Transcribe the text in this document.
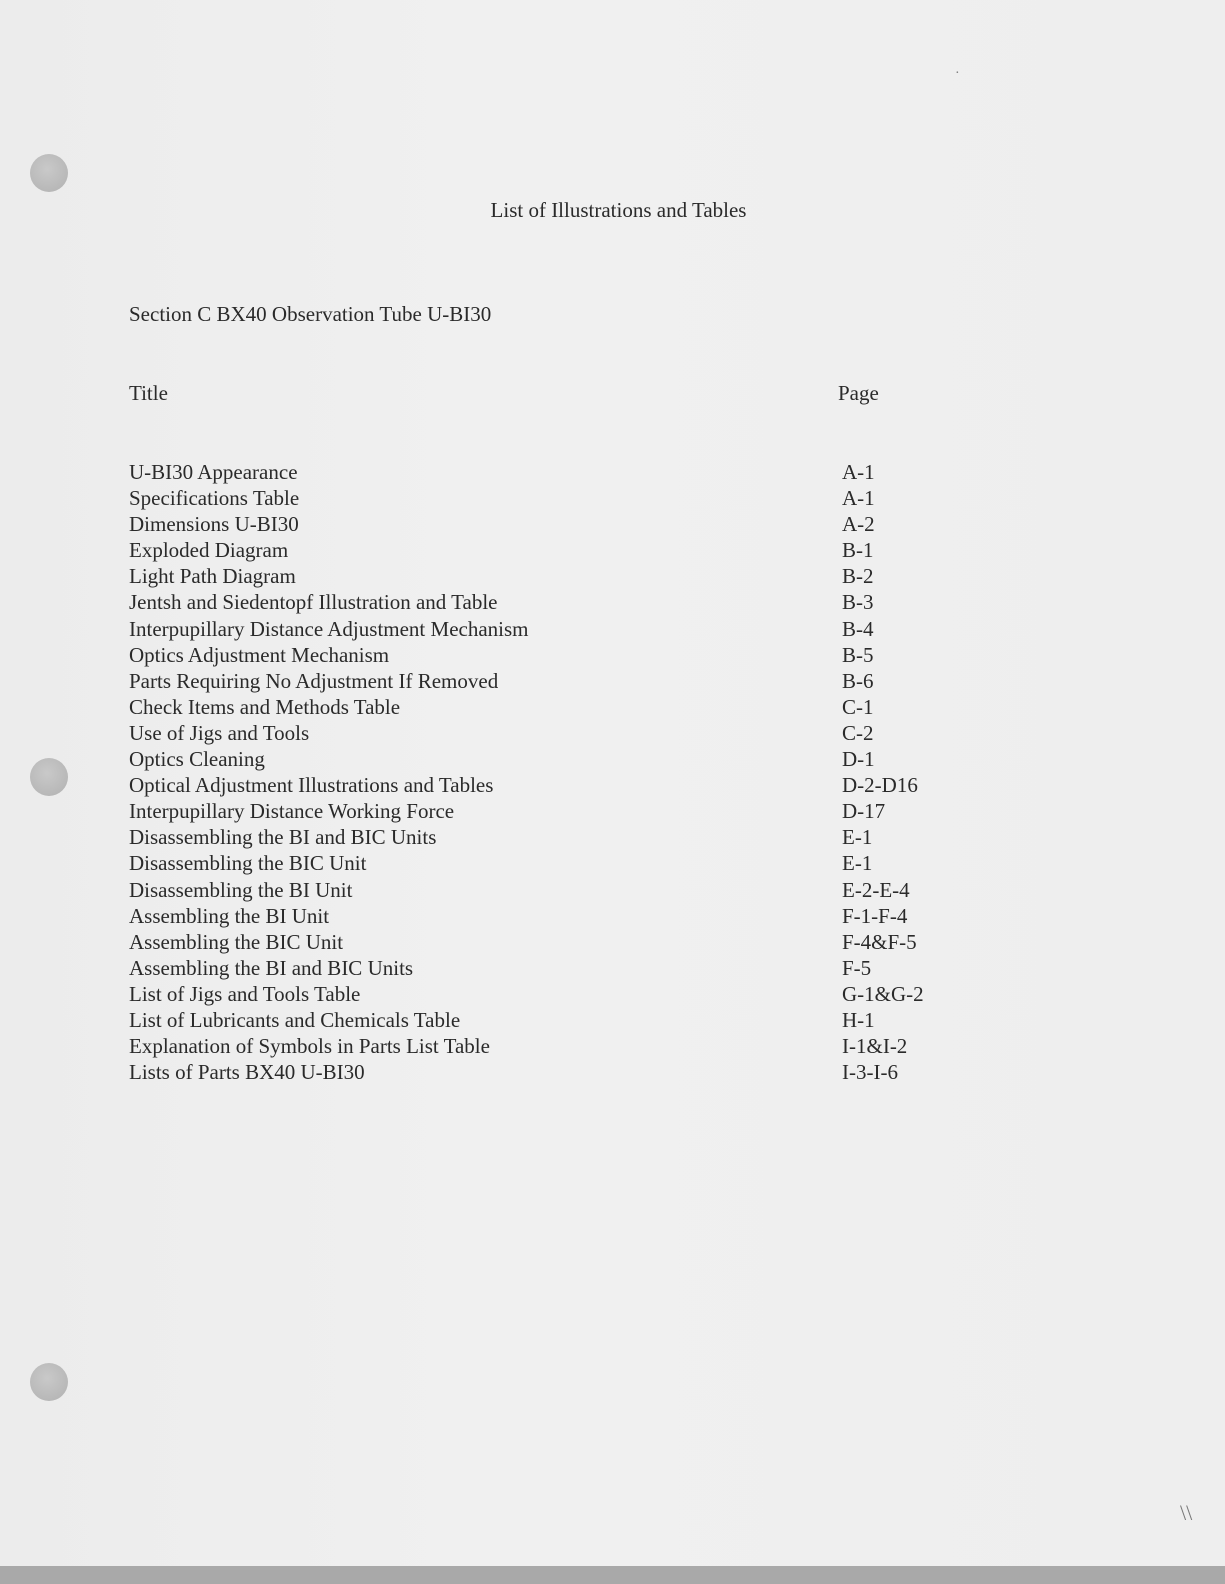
List of Illustrations and Tables
Section C BX40 Observation Tube U-BI30
Title	Page
U-BI30 Appearance	A-1
Specifications Table	A-1
Dimensions U-BI30	A-2
Exploded Diagram	B-1
Light Path Diagram	B-2
Jentsh and Siedentopf Illustration and Table	B-3
Interpupillary Distance Adjustment Mechanism	B-4
Optics Adjustment Mechanism	B-5
Parts Requiring No Adjustment If Removed	B-6
Check Items and Methods Table	C-1
Use of Jigs and Tools	C-2
Optics Cleaning	D-1
Optical Adjustment Illustrations and Tables	D-2-D16
Interpupillary Distance Working Force	D-17
Disassembling the BI and BIC Units	E-1
Disassembling the BIC Unit	E-1
Disassembling the BI Unit	E-2-E-4
Assembling the BI Unit	F-1-F-4
Assembling the BIC Unit	F-4&F-5
Assembling the BI and BIC Units	F-5
List of Jigs and Tools Table	G-1&G-2
List of Lubricants and Chemicals Table	H-1
Explanation of Symbols in Parts List Table	I-1&I-2
Lists of Parts BX40 U-BI30	I-3-I-6
·
\\
